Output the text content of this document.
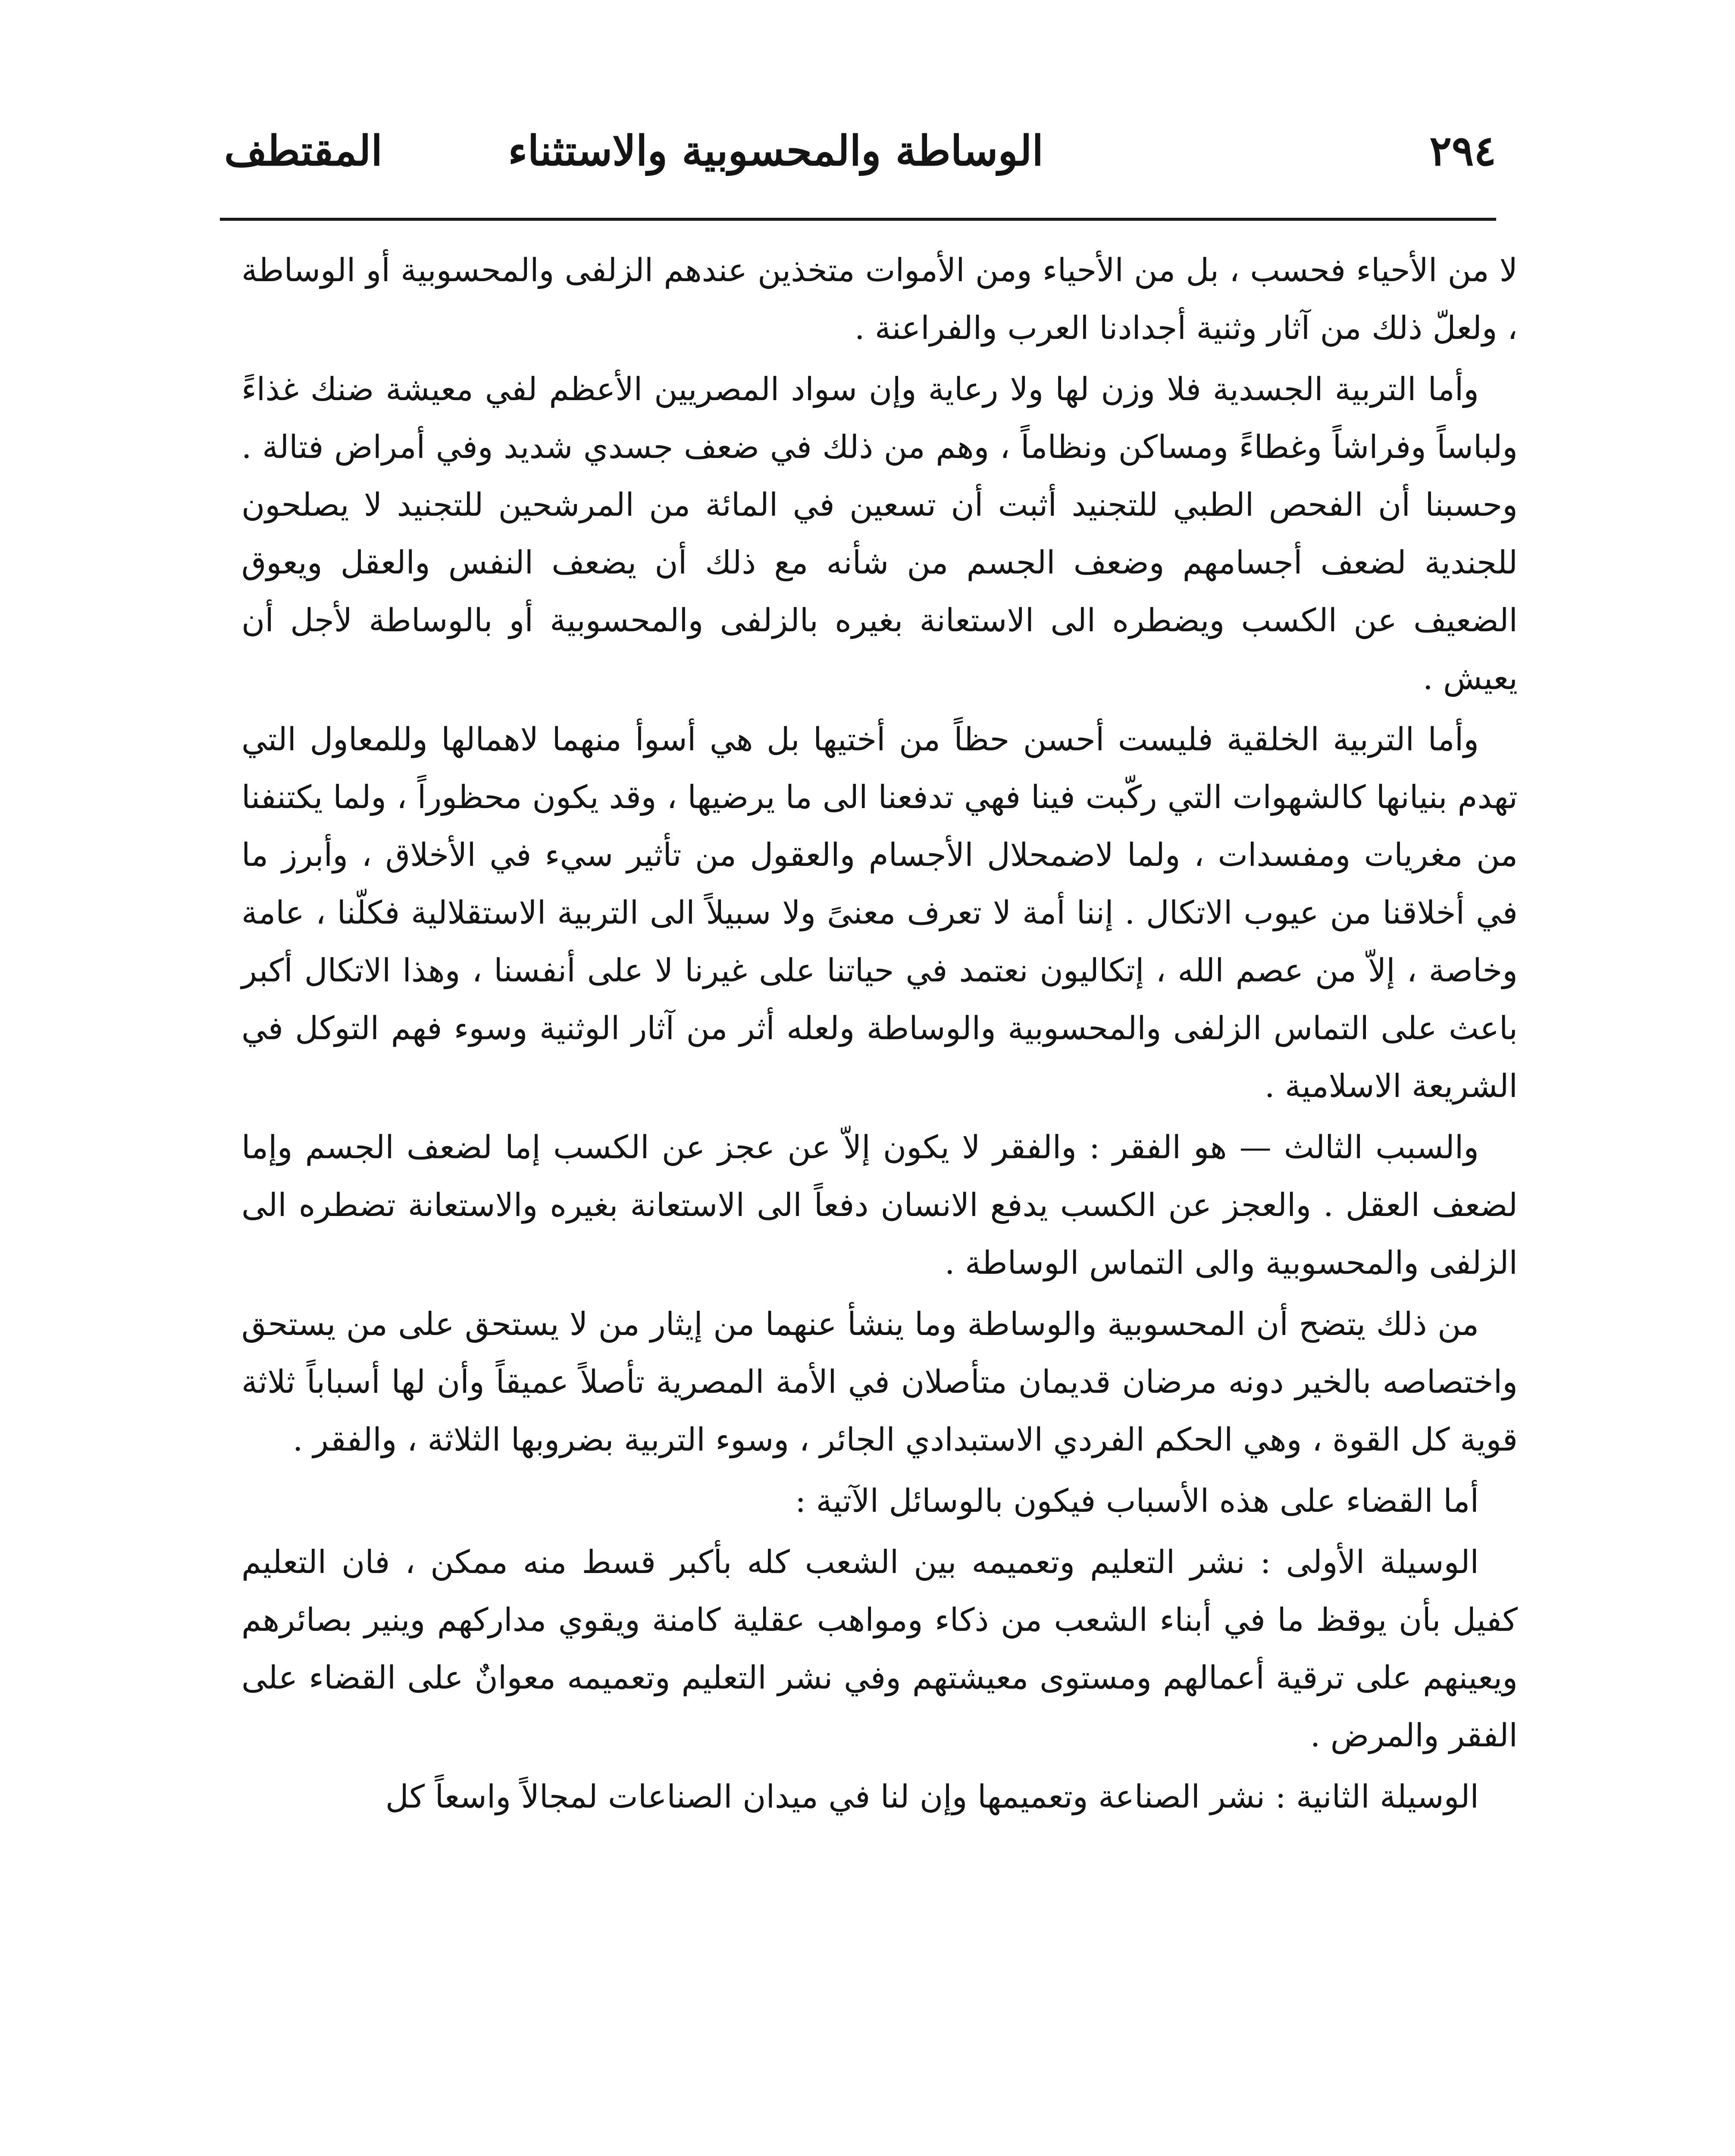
٢٩٤
الوساطة والمحسوبية والاستثناء
المقتطف

لا من الأحياء فحسب ، بل من الأحياء ومن الأموات متخذين عندهم الزلفى والمحسوبية أو الوساطة ، ولعلّ ذلك من آثار وثنية أجدادنا العرب والفراعنة .

وأما التربية الجسدية فلا وزن لها ولا رعاية وإن سواد المصريين الأعظم لفي معيشة ضنك غذاءً ولباساً وفراشاً وغطاءً ومساكن ونظاماً ، وهم من ذلك في ضعف جسدي شديد وفي أمراض فتالة . وحسبنا أن الفحص الطبي للتجنيد أثبت أن تسعين في المائة من المرشحين للتجنيد لا يصلحون للجندية لضعف أجسامهم وضعف الجسم من شأنه مع ذلك أن يضعف النفس والعقل ويعوق الضعيف عن الكسب ويضطره الى الاستعانة بغيره بالزلفى والمحسوبية أو بالوساطة لأجل أن يعيش .

وأما التربية الخلقية فليست أحسن حظاً من أختيها بل هي أسوأ منهما لاهمالها وللمعاول التي تهدم بنيانها كالشهوات التي ركّبت فينا فهي تدفعنا الى ما يرضيها ، وقد يكون محظوراً ، ولما يكتنفنا من مغريات ومفسدات ، ولما لاضمحلال الأجسام والعقول من تأثير سيء في الأخلاق ، وأبرز ما في أخلاقنا من عيوب الاتكال . إننا أمة لا تعرف معنىً ولا سبيلاً الى التربية الاستقلالية فكلّنا ، عامة وخاصة ، إلاّ من عصم الله ، إتكاليون نعتمد في حياتنا على غيرنا لا على أنفسنا ، وهذا الاتكال أكبر باعث على التماس الزلفى والمحسوبية والوساطة ولعله أثر من آثار الوثنية وسوء فهم التوكل في الشريعة الاسلامية .

والسبب الثالث — هو الفقر : والفقر لا يكون إلاّ عن عجز عن الكسب إما لضعف الجسم وإما لضعف العقل . والعجز عن الكسب يدفع الانسان دفعاً الى الاستعانة بغيره والاستعانة تضطره الى الزلفى والمحسوبية والى التماس الوساطة .

من ذلك يتضح أن المحسوبية والوساطة وما ينشأ عنهما من إيثار من لا يستحق على من يستحق واختصاصه بالخير دونه مرضان قديمان متأصلان في الأمة المصرية تأصلاً عميقاً وأن لها أسباباً ثلاثة قوية كل القوة ، وهي الحكم الفردي الاستبدادي الجائر ، وسوء التربية بضروبها الثلاثة ، والفقر .

أما القضاء على هذه الأسباب فيكون بالوسائل الآتية :

الوسيلة الأولى : نشر التعليم وتعميمه بين الشعب كله بأكبر قسط منه ممكن ، فان التعليم كفيل بأن يوقظ ما في أبناء الشعب من ذكاء ومواهب عقلية كامنة ويقوي مداركهم وينير بصائرهم ويعينهم على ترقية أعمالهم ومستوى معيشتهم وفي نشر التعليم وتعميمه معوانٌ على القضاء على الفقر والمرض .

الوسيلة الثانية : نشر الصناعة وتعميمها وإن لنا في ميدان الصناعات لمجالاً واسعاً كل
